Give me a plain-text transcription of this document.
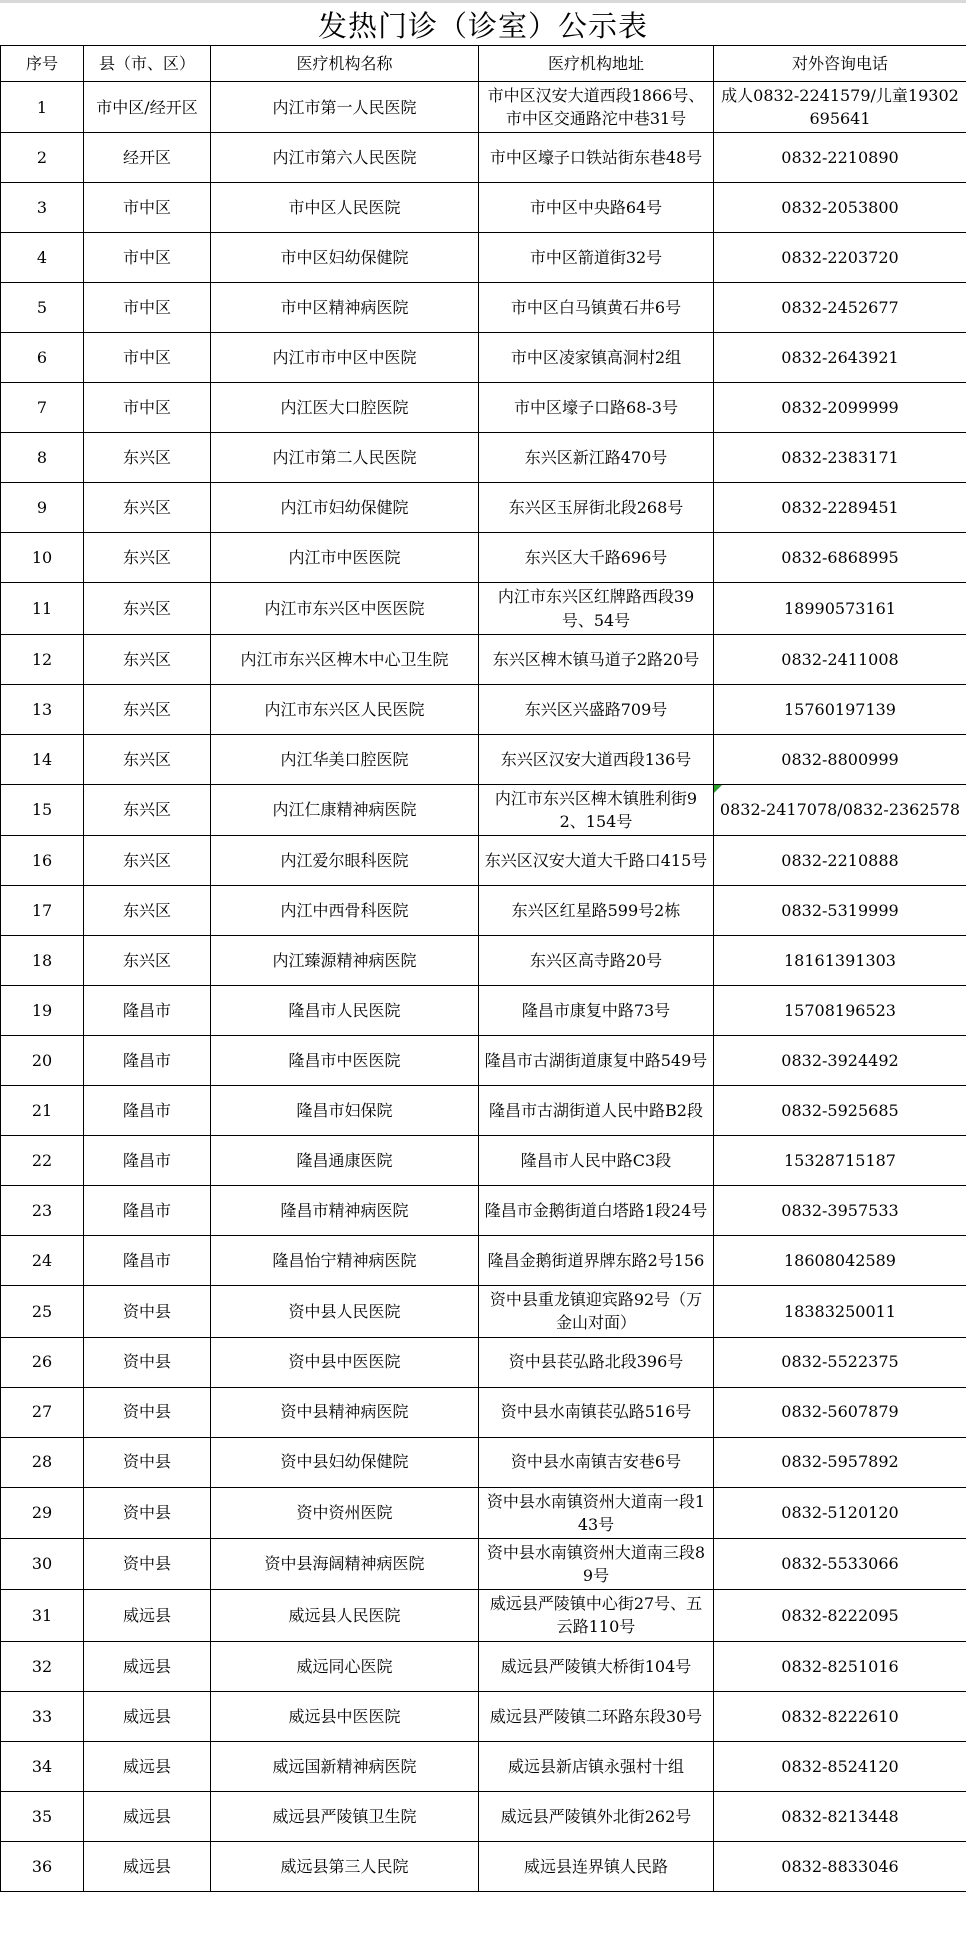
发热门诊（诊室）公示表
序号	县（市、区）	医疗机构名称	医疗机构地址	对外咨询电话
1	市中区/经开区	内江市第一人民医院	市中区汉安大道西段1866号、市中区交通路沱中巷31号	成人0832-2241579/儿童19302695641
2	经开区	内江市第六人民医院	市中区壕子口铁站街东巷48号	0832-2210890
3	市中区	市中区人民医院	市中区中央路64号	0832-2053800
4	市中区	市中区妇幼保健院	市中区箭道街32号	0832-2203720
5	市中区	市中区精神病医院	市中区白马镇黄石井6号	0832-2452677
6	市中区	内江市市中区中医院	市中区凌家镇高洞村2组	0832-2643921
7	市中区	内江医大口腔医院	市中区壕子口路68-3号	0832-2099999
8	东兴区	内江市第二人民医院	东兴区新江路470号	0832-2383171
9	东兴区	内江市妇幼保健院	东兴区玉屏街北段268号	0832-2289451
10	东兴区	内江市中医医院	东兴区大千路696号	0832-6868995
11	东兴区	内江市东兴区中医医院	内江市东兴区红牌路西段39号、54号	18990573161
12	东兴区	内江市东兴区椑木中心卫生院	东兴区椑木镇马道子2路20号	0832-2411008
13	东兴区	内江市东兴区人民医院	东兴区兴盛路709号	15760197139
14	东兴区	内江华美口腔医院	东兴区汉安大道西段136号	0832-8800999
15	东兴区	内江仁康精神病医院	内江市东兴区椑木镇胜利街92、154号	0832-2417078/0832-2362578
16	东兴区	内江爱尔眼科医院	东兴区汉安大道大千路口415号	0832-2210888
17	东兴区	内江中西骨科医院	东兴区红星路599号2栋	0832-5319999
18	东兴区	内江臻源精神病医院	东兴区高寺路20号	18161391303
19	隆昌市	隆昌市人民医院	隆昌市康复中路73号	15708196523
20	隆昌市	隆昌市中医医院	隆昌市古湖街道康复中路549号	0832-3924492
21	隆昌市	隆昌市妇保院	隆昌市古湖街道人民中路B2段	0832-5925685
22	隆昌市	隆昌通康医院	隆昌市人民中路C3段	15328715187
23	隆昌市	隆昌市精神病医院	隆昌市金鹅街道白塔路1段24号	0832-3957533
24	隆昌市	隆昌怡宁精神病医院	隆昌金鹅街道界牌东路2号156	18608042589
25	资中县	资中县人民医院	资中县重龙镇迎宾路92号（万金山对面）	18383250011
26	资中县	资中县中医医院	资中县苌弘路北段396号	0832-5522375
27	资中县	资中县精神病医院	资中县水南镇苌弘路516号	0832-5607879
28	资中县	资中县妇幼保健院	资中县水南镇吉安巷6号	0832-5957892
29	资中县	资中资州医院	资中县水南镇资州大道南一段143号	0832-5120120
30	资中县	资中县海阔精神病医院	资中县水南镇资州大道南三段89号	0832-5533066
31	威远县	威远县人民医院	威远县严陵镇中心街27号、五云路110号	0832-8222095
32	威远县	威远同心医院	威远县严陵镇大桥街104号	0832-8251016
33	威远县	威远县中医医院	威远县严陵镇二环路东段30号	0832-8222610
34	威远县	威远国新精神病医院	威远县新店镇永强村十组	0832-8524120
35	威远县	威远县严陵镇卫生院	威远县严陵镇外北街262号	0832-8213448
36	威远县	威远县第三人民院	威远县连界镇人民路	0832-8833046
